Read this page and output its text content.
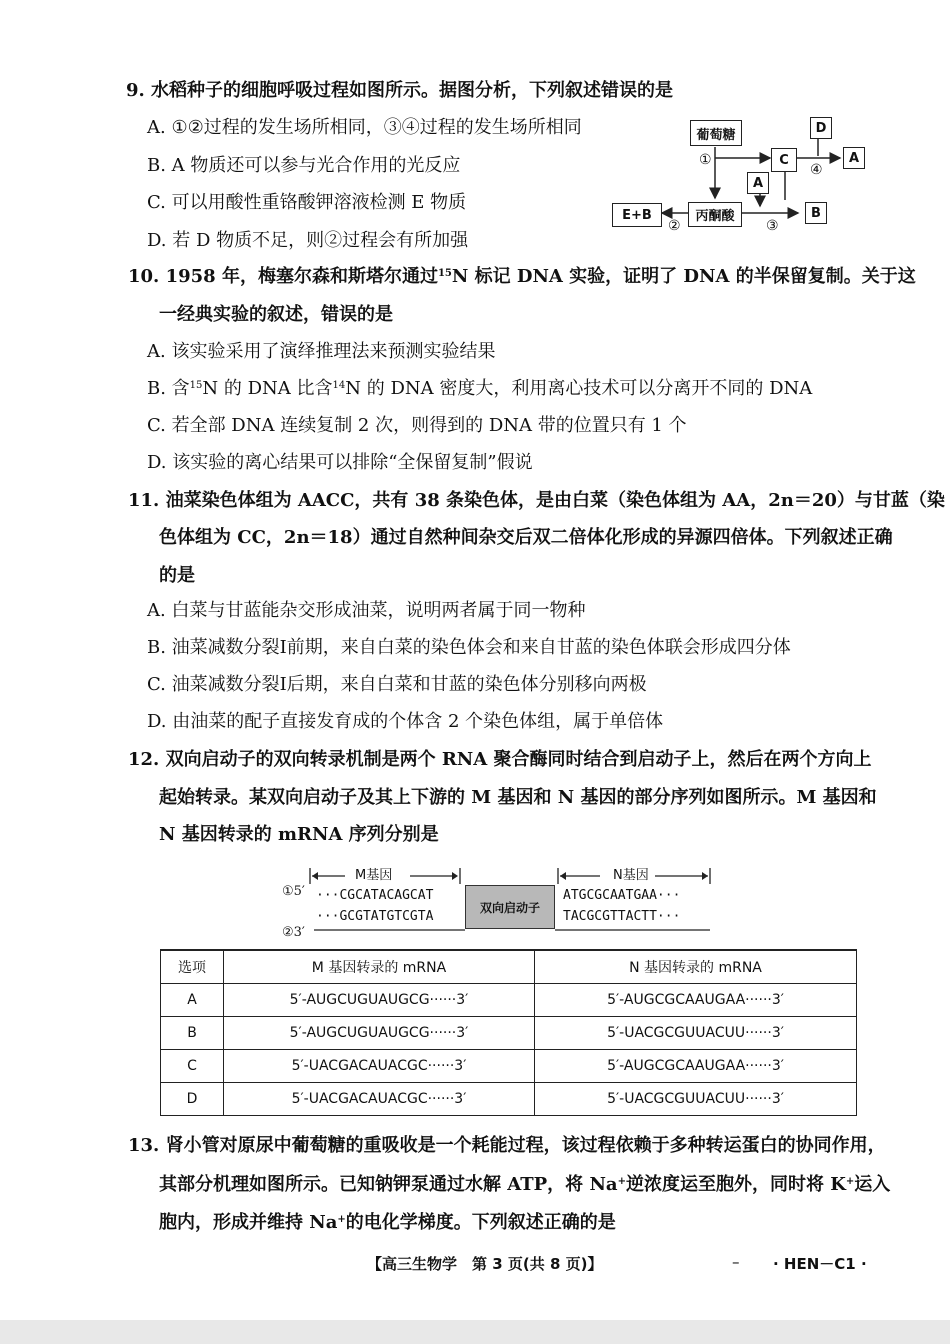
9. 水稻种子的细胞呼吸过程如图所示。据图分析，下列叙述错误的是
A. ①②过程的发生场所相同，③④过程的发生场所相同
B. A 物质还可以参与光合作用的光反应
C. 可以用酸性重铬酸钾溶液检测 E 物质
D. 若 D 物质不足，则②过程会有所加强
葡萄糖
C
D
A
A
E+B	丙酮酸	B
①
②	③
④
10. 1958 年，梅塞尔森和斯塔尔通过$^{15}$N 标记 DNA 实验，证明了 DNA 的半保留复制。关于这
一经典实验的叙述，错误的是
A. 该实验采用了演绎推理法来预测实验结果
B. 含$^{15}$N 的 DNA 比含$^{14}$N 的 DNA 密度大，利用离心技术可以分离开不同的 DNA
C. 若全部 DNA 连续复制 2 次，则得到的 DNA 带的位置只有 1 个
D. 该实验的离心结果可以排除“全保留复制”假说
11. 油菜染色体组为 AACC，共有 38 条染色体，是由白菜（染色体组为 AA，2n＝20）与甘蓝（染
色体组为 CC，2n＝18）通过自然种间杂交后双二倍体化形成的异源四倍体。下列叙述正确
的是
A. 白菜与甘蓝能杂交形成油菜，说明两者属于同一物种
B. 油菜减数分裂Ⅰ前期，来自白菜的染色体会和来自甘蓝的染色体联会形成四分体
C. 油菜减数分裂Ⅰ后期，来自白菜和甘蓝的染色体分别移向两极
D. 由油菜的配子直接发育成的个体含 2 个染色体组，属于单倍体
12. 双向启动子的双向转录机制是两个 RNA 聚合酶同时结合到启动子上，然后在两个方向上
起始转录。某双向启动子及其上下游的 M 基因和 N 基因的部分序列如图所示。M 基因和
N 基因转录的 mRNA 序列分别是
M基因	N基因
①5′
②3′
···CGCATACAGCAT
···GCGTATGTCGTA
双向启动子
ATGCGCAATGAA···
TACGCGTTACTT···
选项	M 基因转录的 mRNA	N 基因转录的 mRNA
A	5′-AUGCUGUAUGCG······3′	5′-AUGCGCAAUGAA······3′
B	5′-AUGCUGUAUGCG······3′	5′-UACGCGUUACUU······3′
C	5′-UACGACAUACGC······3′	5′-AUGCGCAAUGAA······3′
D	5′-UACGACAUACGC······3′	5′-UACGCGUUACUU······3′
13. 肾小管对原尿中葡萄糖的重吸收是一个耗能过程，该过程依赖于多种转运蛋白的协同作用，
其部分机理如图所示。已知钠钾泵通过水解 ATP，将 Na+逆浓度运至胞外，同时将 K+运入
胞内，形成并维持 Na+的电化学梯度。下列叙述正确的是
【高三生物学　第 3 页(共 8 页)】	– · HEN－C1 ·
